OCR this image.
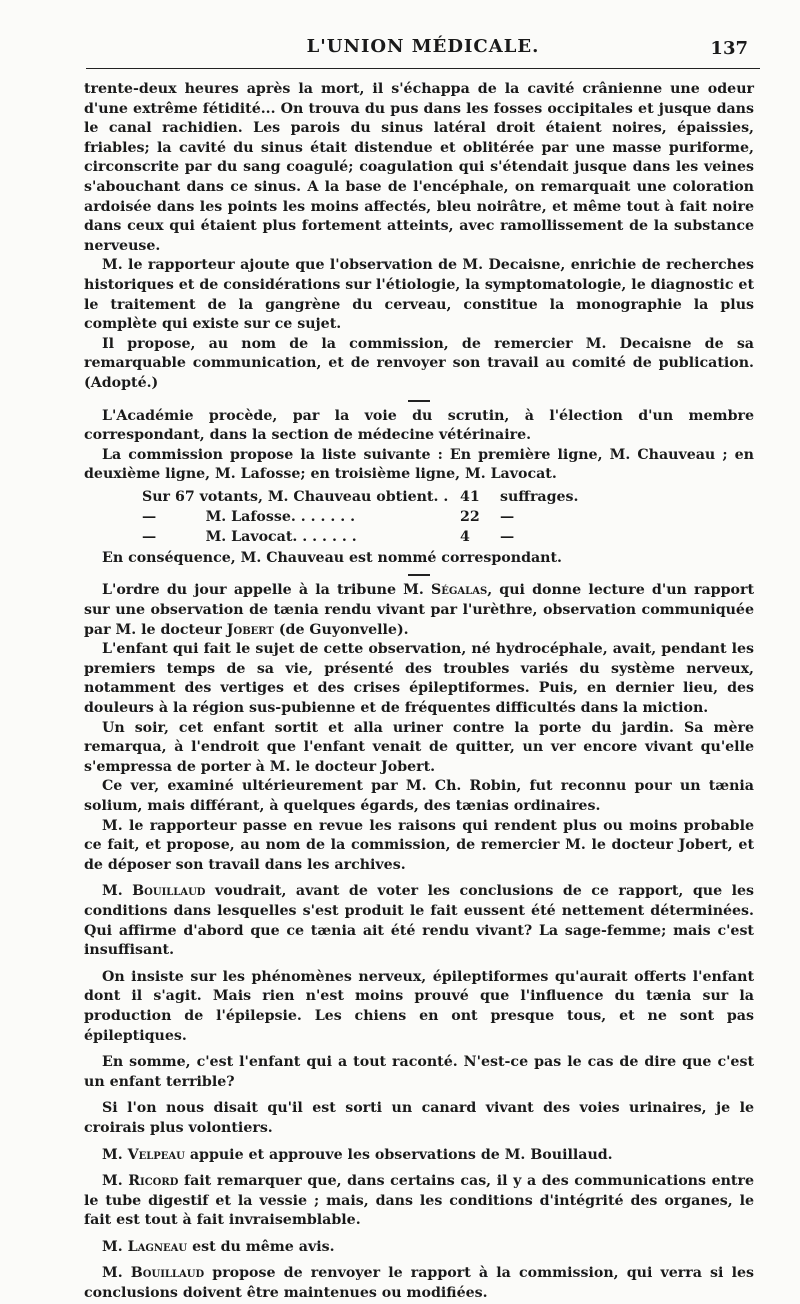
L'UNION MÉDICALE.	137

trente-deux heures après la mort, il s'échappa de la cavité crânienne une odeur d'une extrême fétidité... On trouva du pus dans les fosses occipitales et jusque dans le canal rachidien. Les parois du sinus latéral droit étaient noires, épaissies, friables; la cavité du sinus était distendue et oblitérée par une masse puriforme, circonscrite par du sang coagulé; coagulation qui s'étendait jusque dans les veines s'abouchant dans ce sinus. A la base de l'encéphale, on remarquait une coloration ardoisée dans les points les moins affectés, bleu noirâtre, et même tout à fait noire dans ceux qui étaient plus fortement atteints, avec ramollissement de la substance nerveuse.

M. le rapporteur ajoute que l'observation de M. Decaisne, enrichie de recherches historiques et de considérations sur l'étiologie, la symptomatologie, le diagnostic et le traitement de la gangrène du cerveau, constitue la monographie la plus complète qui existe sur ce sujet.

Il propose, au nom de la commission, de remercier M. Decaisne de sa remarquable communication, et de renvoyer son travail au comité de publication. (Adopté.)

L'Académie procède, par la voie du scrutin, à l'élection d'un membre correspondant, dans la section de médecine vétérinaire.

La commission propose la liste suivante : En première ligne, M. Chauveau ; en deuxième ligne, M. Lafosse; en troisième ligne, M. Lavocat.

Sur 67 votants, M. Chauveau obtient. . 41	suffrages.
—          M. Lafosse. . . . . . .	22	—
—          M. Lavocat. . . . . . .	4	—

En conséquence, M. Chauveau est nommé correspondant.

L'ordre du jour appelle à la tribune M. Ségalas, qui donne lecture d'un rapport sur une observation de tænia rendu vivant par l'urèthre, observation communiquée par M. le docteur Jobert (de Guyonvelle).

L'enfant qui fait le sujet de cette observation, né hydrocéphale, avait, pendant les premiers temps de sa vie, présenté des troubles variés du système nerveux, notamment des vertiges et des crises épileptiformes. Puis, en dernier lieu, des douleurs à la région sus-pubienne et de fréquentes difficultés dans la miction.

Un soir, cet enfant sortit et alla uriner contre la porte du jardin. Sa mère remarqua, à l'endroit que l'enfant venait de quitter, un ver encore vivant qu'elle s'empressa de porter à M. le docteur Jobert.

Ce ver, examiné ultérieurement par M. Ch. Robin, fut reconnu pour un tænia solium, mais différant, à quelques égards, des tænias ordinaires.

M. le rapporteur passe en revue les raisons qui rendent plus ou moins probable ce fait, et propose, au nom de la commission, de remercier M. le docteur Jobert, et de déposer son travail dans les archives.

M. Bouillaud voudrait, avant de voter les conclusions de ce rapport, que les conditions dans lesquelles s'est produit le fait eussent été nettement déterminées. Qui affirme d'abord que ce tænia ait été rendu vivant? La sage-femme; mais c'est insuffisant.

On insiste sur les phénomènes nerveux, épileptiformes qu'aurait offerts l'enfant dont il s'agit. Mais rien n'est moins prouvé que l'influence du tænia sur la production de l'épilepsie. Les chiens en ont presque tous, et ne sont pas épileptiques.

En somme, c'est l'enfant qui a tout raconté. N'est-ce pas le cas de dire que c'est un enfant terrible?

Si l'on nous disait qu'il est sorti un canard vivant des voies urinaires, je le croirais plus volontiers.

M. Velpeau appuie et approuve les observations de M. Bouillaud.

M. Ricord fait remarquer que, dans certains cas, il y a des communications entre le tube digestif et la vessie ; mais, dans les conditions d'intégrité des organes, le fait est tout à fait invraisemblable.

M. Lagneau est du même avis.

M. Bouillaud propose de renvoyer le rapport à la commission, qui verra si les conclusions doivent être maintenues ou modifiées.
